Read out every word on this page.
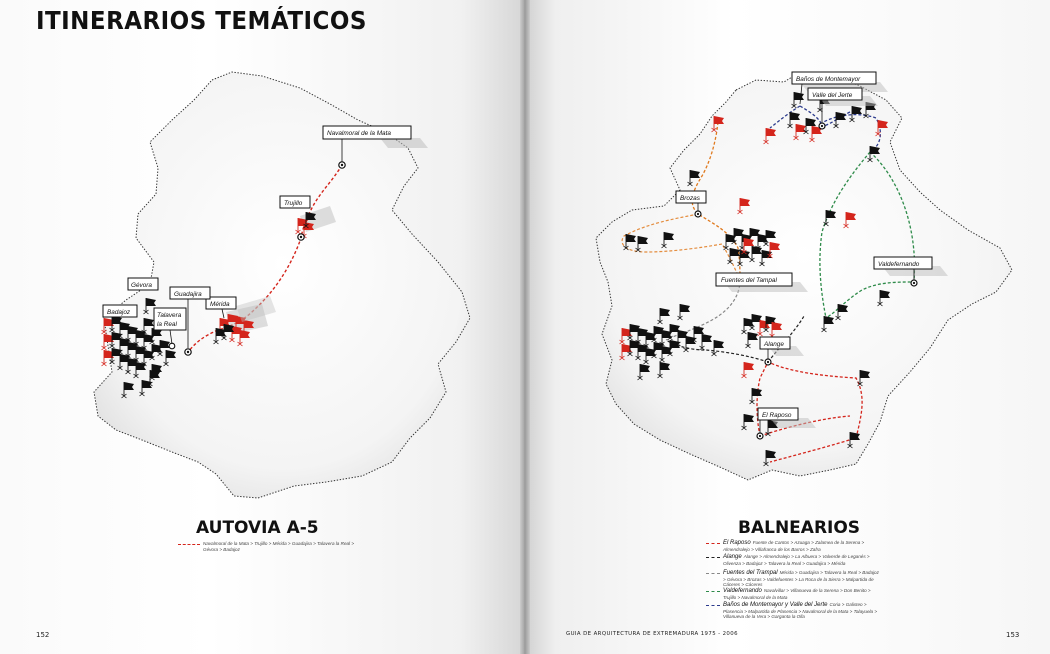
ITINERARIOS TEMÁTICOS
Navalmoral de la Mata
Trujillo
Mérida
Guadajira
Talavera
la Real
Gévora
Badajoz
Baños de Montemayor
Valle del Jerte
Brozas
Fuentes del Tampal
Valdefernando
Alange
El Raposo
AUTOVIA A-5
Navalmoral de la Mata > Trujillo > Mérida > Guadajira > Talavera la Real > Gévora > Badajoz
152
BALNEARIOS
El Raposo Fuente de Cantos > Azuaga > Zalamea de la Serena > Almendralejo > Villafranca de los Barros > Zafra
Alange Alange > Almendralejo > La Albuera > Valverde de Leganés > Olivenza > Badajoz > Talavera la Real > Guadajira > Mérida
Fuentes del Trampal Mérida > Guadajira > Talavera la Real > Badajoz > Gévora > Brozas > Valdefuentes > La Roca de la Sierra > Malpartida de Cáceres > Cáceres
Valdefernando Navalvillar > Villanueva de la Serena > Don Benito > Trujillo > Navalmoral de la Mata
Baños de Montemayor y Valle del Jerte Coria > Galisteo > Plasencia > Malpartida de Plasencia > Navalmoral de la Mata > Talayuela > Villanueva de la Vera > Garganta la Olla
GUIA DE ARQUITECTURA DE EXTREMADURA 1975 - 2006	153
